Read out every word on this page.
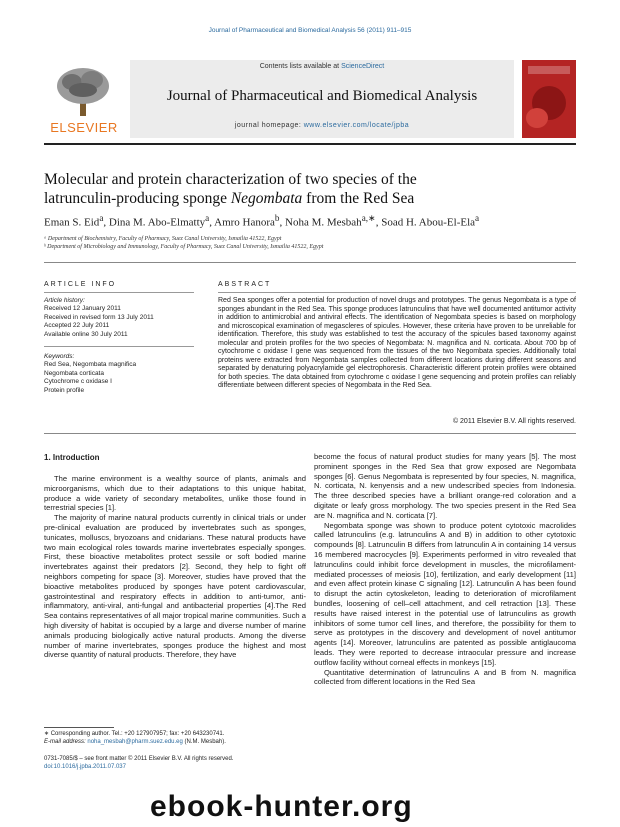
Journal of Pharmaceutical and Biomedical Analysis 56 (2011) 911–915
ELSEVIER
Contents lists available at ScienceDirect
Journal of Pharmaceutical and Biomedical Analysis
journal homepage: www.elsevier.com/locate/jpba
Molecular and protein characterization of two species of the
latrunculin-producing sponge Negombata from the Red Sea
Eman S. Eid$^a$, Dina M. Abo-Elmatty$^a$, Amro Hanora$^b$, Noha M. Mesbah$^{a,∗}$, Soad H. Abou-El-Ela$^a$
ᵃ Department of Biochemistry, Faculty of Pharmacy, Suez Canal University, Ismailia 41522, Egypt
ᵇ Department of Microbiology and Immunology, Faculty of Pharmacy, Suez Canal University, Ismailia 41522, Egypt
ARTICLE INFO	ABSTRACT
Article history:
Received 12 January 2011
Received in revised form 13 July 2011
Accepted 22 July 2011
Available online 30 July 2011
Keywords:
Red Sea, Negombata magnifica
Negombata corticata
Cytochrome c oxidase I
Protein profile
Red Sea sponges offer a potential for production of novel drugs and prototypes. The genus Negombata is a type of sponges abundant in the Red Sea. This sponge produces latrunculins that have well documented antitumor activity in addition to antimicrobial and antiviral effects. The identification of Negombata species is based on morphology and microscopical examination of megascleres of spicules. However, these criteria have proven to be unreliable for identification. Therefore, this study was established to test the accuracy of the spicules based taxonomy against molecular and protein profiles for the two species of Negombata: N. magnifica and N. corticata. About 700 bp of cytochrome c oxidase I gene was sequenced from the tissues of the two Negombata species. Additionally total proteins were extracted from Negombata samples collected from different locations during different seasons and separated by denaturing polyacrylamide gel electrophoresis. Characteristic different protein profiles were obtained for both species. The data obtained from cytochrome c oxidase I gene sequencing and protein profiles can reliably differentiate between different species of Negombata in the Red Sea.
© 2011 Elsevier B.V. All rights reserved.
1. Introduction

The marine environment is a wealthy source of plants, animals and microorganisms, which due to their adaptations to this unique habitat, produce a wide variety of secondary metabolites, unlike those found in terrestrial species [1].

The majority of marine natural products currently in clinical trials or under pre-clinical evaluation are produced by invertebrates such as sponges, tunicates, molluscs, bryozoans and cnidarians. These natural products have two main ecological roles towards marine invertebrates especially sponges. First, these bioactive metabolites protect sessile or soft bodied marine invertebrates against their predators [2]. Second, they help to fight off neighbors competing for space [3]. Moreover, studies have proved that the bioactive metabolites produced by sponges have potent cardiovascular, gastrointestinal and respiratory effects in addition to anti-tumor, anti-inflammatory, anti-viral, anti-fungal and antibacterial properties [4].The Red Sea contains representatives of all major tropical marine communities. Such a high diversity of habitat is occupied by a large and diverse number of marine animals producing biologically active natural products. Among the diverse number of marine invertebrates, sponges produce the highest and most diverse quantity of natural products. Therefore, they have

become the focus of natural product studies for many years [5]. The most prominent sponges in the Red Sea that grow exposed are Negombata sponges [6]. Genus Negombata is represented by four species, N. magnifica, N. corticata, N. kenyensis and a new undescribed species from Indonesia. The three described species have a brilliant orange-red coloration and a digitate or leafy gross morphology. The two species present in the Red Sea are N. magnifica and N. corticata [7].

Negombata sponge was shown to produce potent cytotoxic macrolides called latrunculins (e.g. latrunculins A and B) in addition to other cytotoxic compounds [8]. Latrunculin B differs from latrunculin A in containing 14 versus 16 membered macrocycles [9]. Experiments performed in vitro revealed that latrunculins could inhibit force development in muscles, the microfilament-mediated processes of meiosis [10], fertilization, and early development [11] and even affect protein kinase C signaling [12]. Latrunculin A has been found to disrupt the actin cytoskeleton, leading to deterioration of microfilament bundles, loosening of cell–cell attachment, and cell retraction [13]. These results have raised interest in the potential use of latrunculins as growth inhibitors of some tumor cell lines, and therefore, the possibility for them to serve as prototypes in the discovery and development of novel antitumor agents [14]. Moreover, latrunculins are patented as possible antiglaucoma leads. They were reported to decrease intraocular pressure and increase outflow facility without corneal effects in monkeys [15].

Quantitative determination of latrunculins A and B from N. magnifica collected from different locations in the Red Sea

∗ Corresponding author. Tel.: +20 127907957; fax: +20 643230741.
E-mail address: noha_mesbah@pharm.suez.edu.eg (N.M. Mesbah).
0731-7085/$ – see front matter © 2011 Elsevier B.V. All rights reserved.
doi:10.1016/j.jpba.2011.07.037
ebook-hunter.org
